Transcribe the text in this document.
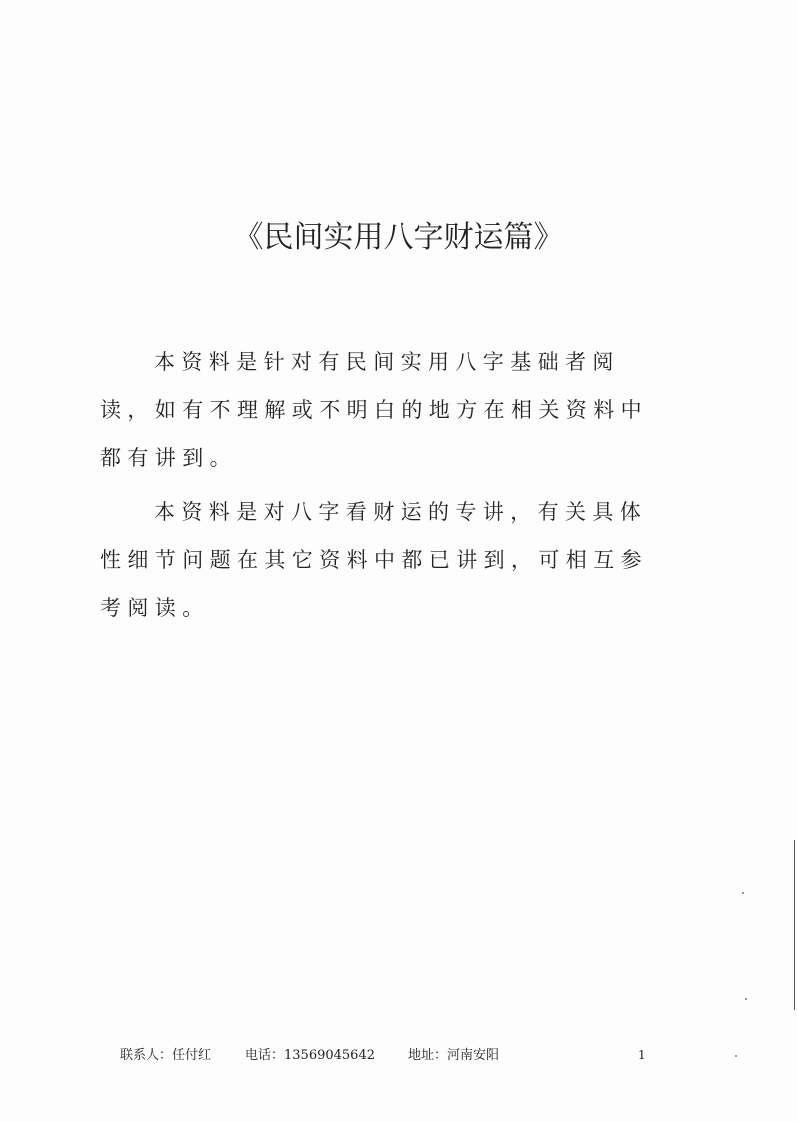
《民间实用八字财运篇》

本资料是针对有民间实用八字基础者阅读，如有不理解或不明白的地方在相关资料中都有讲到。

本资料是对八字看财运的专讲，有关具体性细节问题在其它资料中都已讲到，可相互参考阅读。

联系人：任付红	电话：13569045642	地址：河南安阳	1
